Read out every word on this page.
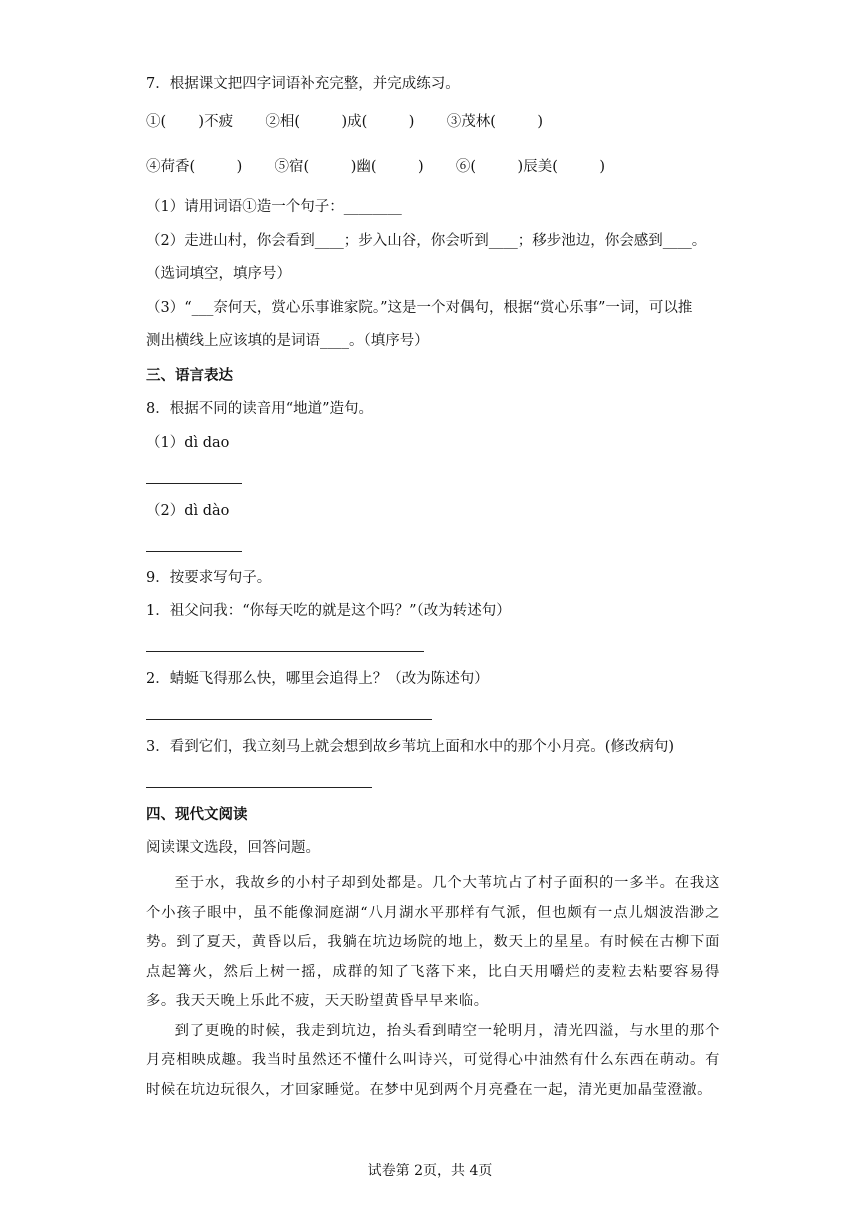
7．根据课文把四字词语补充完整，并完成练习。
①(       )不疲       ②相(         )成(         )       ③茂林(         )
④荷香(         )       ⑤宿(         )幽(         )       ⑥(         )辰美(         )
（1）请用词语①造一个句子：________
（2）走进山村，你会看到____；步入山谷，你会听到____；移步池边，你会感到____。
（选词填空，填序号）
（3）“___奈何天，赏心乐事谁家院。”这是一个对偶句，根据“赏心乐事”一词，可以推
测出横线上应该填的是词语____。（填序号）
三、语言表达
8．根据不同的读音用“地道”造句。
（1）dì dao
（2）dì dào
9．按要求写句子。
1．祖父问我：“你每天吃的就是这个吗？”（改为转述句）
2．蜻蜓飞得那么快，哪里会追得上？（改为陈述句）
3．看到它们，我立刻马上就会想到故乡苇坑上面和水中的那个小月亮。(修改病句)
四、现代文阅读
阅读课文选段，回答问题。

至于水，我故乡的小村子却到处都是。几个大苇坑占了村子面积的一多半。在我这个小孩子眼中，虽不能像洞庭湖“八月湖水平那样有气派，但也颇有一点儿烟波浩渺之势。到了夏天，黄昏以后，我躺在坑边场院的地上，数天上的星星。有时候在古柳下面点起篝火，然后上树一摇，成群的知了飞落下来，比白天用嚼烂的麦粒去粘要容易得多。我天天晚上乐此不疲，天天盼望黄昏早早来临。

到了更晚的时候，我走到坑边，抬头看到晴空一轮明月，清光四溢，与水里的那个月亮相映成趣。我当时虽然还不懂什么叫诗兴，可觉得心中油然有什么东西在萌动。有时候在坑边玩很久，才回家睡觉。在梦中见到两个月亮叠在一起，清光更加晶莹澄澈。

试卷第 2页，共 4页
